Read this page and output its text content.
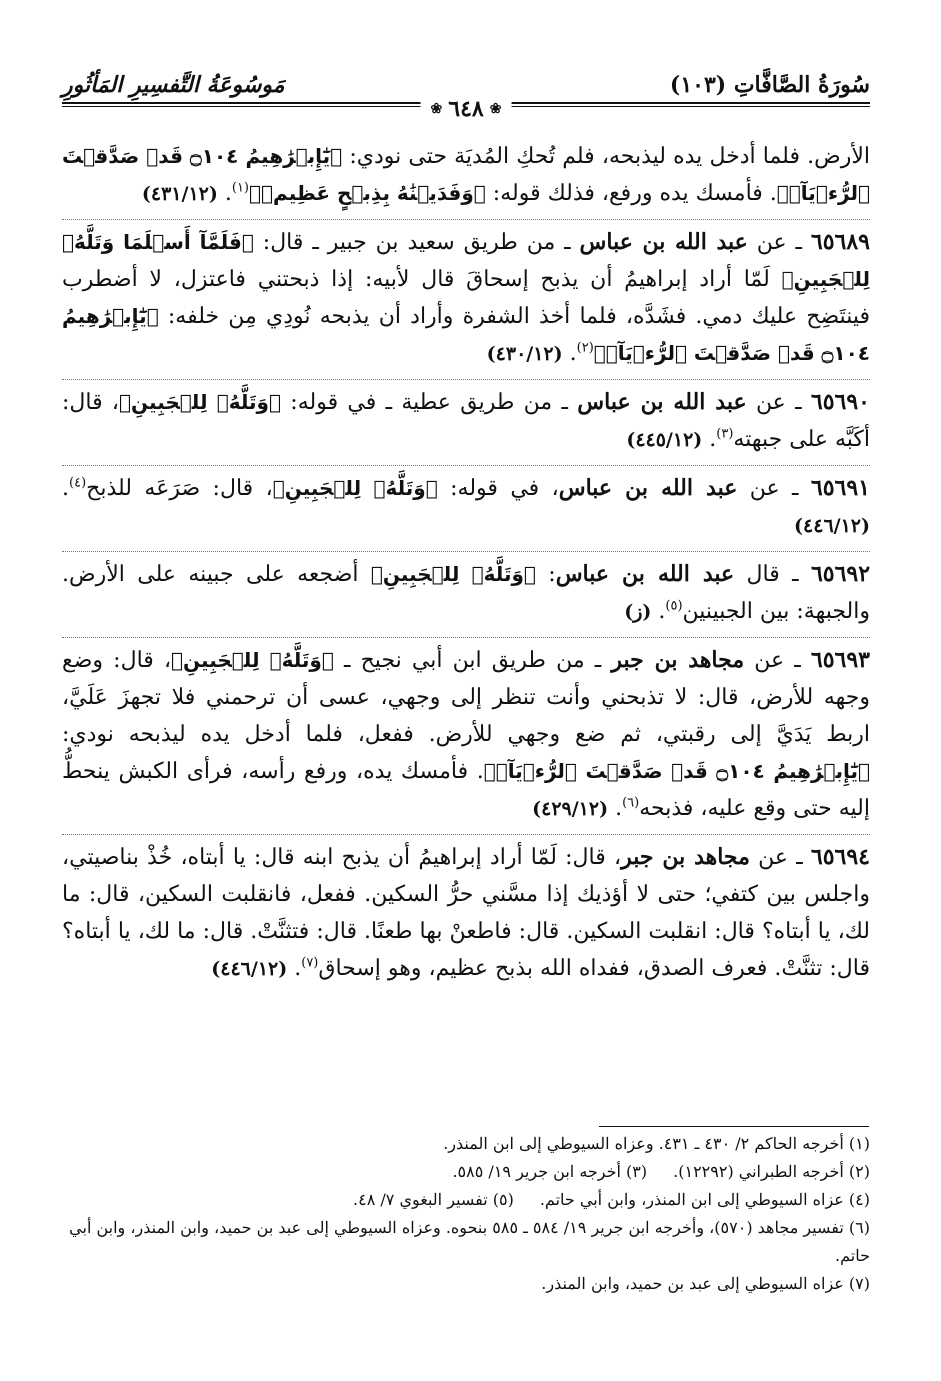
سُورَةُ الصَّافَّاتِ (١٠٣)
مَوسُوعَةُ التَّفسِيرِ المَأثُورِ
❀
٦٤٨
❀

الأرض. فلما أدخل يده ليذبحه، فلم تُحكِ المُديَة حتى نودي: ﴿يَٰٓإِبۡرَٰهِيمُ ۝١٠٤ قَدۡ صَدَّقۡتَ ٱلرُّءۡيَآۚ﴾. فأمسك يده ورفع، فذلك قوله: ﴿وَفَدَيۡنَٰهُ بِذِبۡحٍ عَظِيمٖ﴾$^{(١)}$. (٤٣١/١٢)

٦٥٦٨٩ ـ عن عبد الله بن عباس ـ من طريق سعيد بن جبير ـ قال: ﴿فَلَمَّآ أَسۡلَمَا وَتَلَّهُۥ لِلۡجَبِينِ﴾ لَمّا أراد إبراهيمُ أن يذبح إسحاقَ قال لأبيه: إذا ذبحتني فاعتزل، لا أضطرب فينتَضِح عليك دمي. فشَدَّه، فلما أخذ الشفرة وأراد أن يذبحه نُودِي مِن خلفه: ﴿يَٰٓإِبۡرَٰهِيمُ ۝١٠٤ قَدۡ صَدَّقۡتَ ٱلرُّءۡيَآۚ﴾$^{(٢)}$. (٤٣٠/١٢)

٦٥٦٩٠ ـ عن عبد الله بن عباس ـ من طريق عطية ـ في قوله: ﴿وَتَلَّهُۥ لِلۡجَبِينِ﴾، قال: أكَبَّه على جبهته$^{(٣)}$. (٤٤٥/١٢)

٦٥٦٩١ ـ عن عبد الله بن عباس، في قوله: ﴿وَتَلَّهُۥ لِلۡجَبِينِ﴾، قال: صَرَعَه للذبح$^{(٤)}$. (٤٤٦/١٢)

٦٥٦٩٢ ـ قال عبد الله بن عباس: ﴿وَتَلَّهُۥ لِلۡجَبِينِ﴾ أضجعه على جبينه على الأرض. والجبهة: بين الجبينين$^{(٥)}$. (ز)

٦٥٦٩٣ ـ عن مجاهد بن جبر ـ من طريق ابن أبي نجيح ـ ﴿وَتَلَّهُۥ لِلۡجَبِينِ﴾، قال: وضع وجهه للأرض، قال: لا تذبحني وأنت تنظر إلى وجهي، عسى أن ترحمني فلا تجهزَ عَلَيَّ، اربط يَدَيَّ إلى رقبتي، ثم ضع وجهي للأرض. ففعل، فلما أدخل يده ليذبحه نودي: ﴿يَٰٓإِبۡرَٰهِيمُ ۝١٠٤ قَدۡ صَدَّقۡتَ ٱلرُّءۡيَآۚ﴾. فأمسك يده، ورفع رأسه، فرأى الكبش ينحطُّ إليه حتى وقع عليه، فذبحه$^{(٦)}$. (٤٢٩/١٢)

٦٥٦٩٤ ـ عن مجاهد بن جبر، قال: لَمّا أراد إبراهيمُ أن يذبح ابنه قال: يا أبتاه، خُذْ بناصيتي، واجلس بين كتفي؛ حتى لا أؤذيك إذا مسَّني حرُّ السكين. ففعل، فانقلبت السكين، قال: ما لك، يا أبتاه؟ قال: انقلبت السكين. قال: فاطعنْ بها طعنًا. قال: فتثنَّتْ. قال: ما لك، يا أبتاه؟ قال: تثنَّتْ. فعرف الصدق، ففداه الله بذبح عظيم، وهو إسحاق$^{(٧)}$. (٤٤٦/١٢)

(١) أخرجه الحاكم ٢/ ٤٣٠ ـ ٤٣١. وعزاه السيوطي إلى ابن المنذر.
(٢) أخرجه الطبراني (١٢٢٩٢).
(٣) أخرجه ابن جرير ١٩/ ٥٨٥.
(٤) عزاه السيوطي إلى ابن المنذر، وابن أبي حاتم.
(٥) تفسير البغوي ٧/ ٤٨.
(٦) تفسير مجاهد (٥٧٠)، وأخرجه ابن جرير ١٩/ ٥٨٤ ـ ٥٨٥ بنحوه. وعزاه السيوطي إلى عبد بن حميد، وابن المنذر، وابن أبي حاتم.
(٧) عزاه السيوطي إلى عبد بن حميد، وابن المنذر.
